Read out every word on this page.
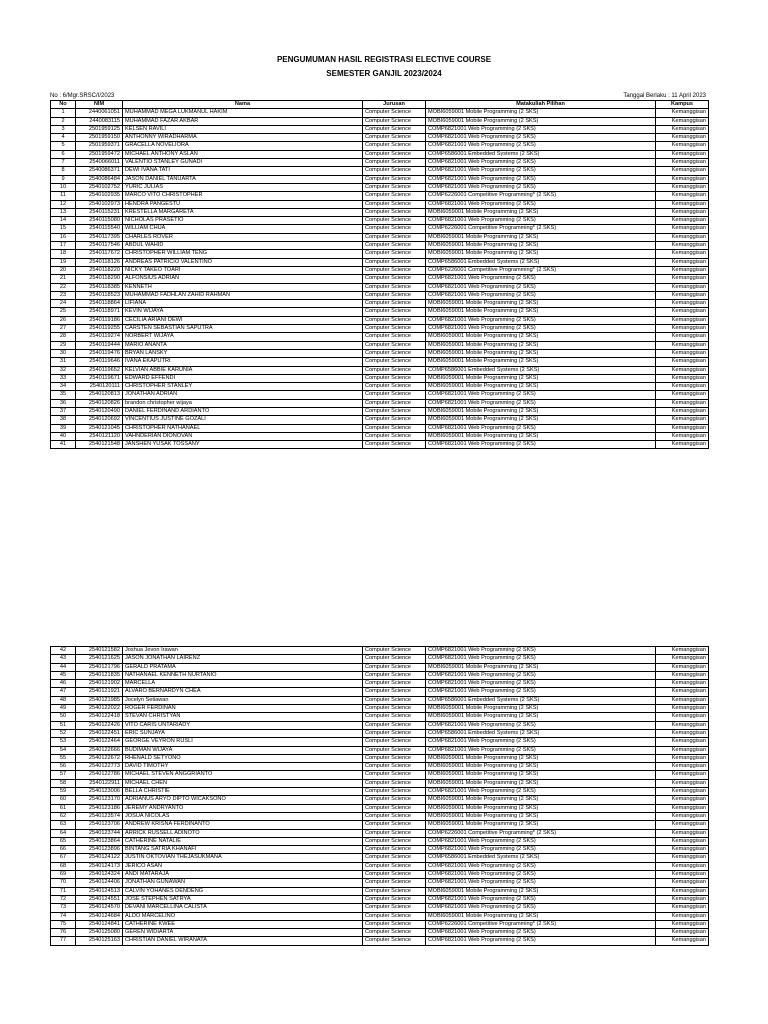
PENGUMUMAN HASIL REGISTRASI ELECTIVE COURSE
SEMESTER GANJIL 2023/2024
No : 6/Mgr.SRSC/I/2023	Tanggal Berlaku : 11 April 2023
No	NIM	Nama	Jurusan	Matakuliah Pilihan	Kampus
1	2440061051	MUHAMMAD MEGA LUKMANUL HAKIM	Computer Science	MOBI6059001 Mobile Programming (2 SKS)	Kemanggisan
2	2440083115	MUHAMMAD FAZAR AKBAR	Computer Science	MOBI6059001 Mobile Programming (2 SKS)	Kemanggisan
3	2501959125	KELSEN RAVILI	Computer Science	COMP6821001 Web Programming (2 SKS)	Kemanggisan
4	2501959150	ANTHONNY WIRADHARMA	Computer Science	COMP6821001 Web Programming (2 SKS)	Kemanggisan
5	2501959371	GRACELLA NOVELIORA	Computer Science	COMP6821001 Web Programming (2 SKS)	Kemanggisan
6	2501959472	MICHAEL ANTHONY ASLAN	Computer Science	COMP6586001 Embedded Systems (2 SKS)	Kemanggisan
7	2540066011	VALENTIO STANLEY GUNADI	Computer Science	COMP6821001 Web Programming (2 SKS)	Kemanggisan
8	2540086371	DEWI IVANA TATI	Computer Science	COMP6821001 Web Programming (2 SKS)	Kemanggisan
9	2540086484	JASON DANIEL TANUARTA	Computer Science	COMP6821001 Web Programming (2 SKS)	Kemanggisan
10	2540102752	YURIC JULIAS	Computer Science	COMP6821001 Web Programming (2 SKS)	Kemanggisan
11	2540102935	MARCO VITO CHRISTOPHER	Computer Science	COMP6226001 Competitive Programming* (2 SKS)	Kemanggisan
12	2540102973	HENDRA PANGESTU	Computer Science	COMP6821001 Web Programming (2 SKS)	Kemanggisan
13	2540115231	KRESTELLA MARGARETA	Computer Science	MOBI6059001 Mobile Programming (2 SKS)	Kemanggisan
14	2540115080	NICHOLAS PRASETIO	Computer Science	COMP6821001 Web Programming (2 SKS)	Kemanggisan
15	2540115540	WILLIAM CHUA	Computer Science	COMP6226001 Competitive Programming* (2 SKS)	Kemanggisan
16	2540117395	CHARLES ROVER	Computer Science	MOBI6059001 Mobile Programming (2 SKS)	Kemanggisan
17	2540117546	ABDUL WAHID	Computer Science	MOBI6059001 Mobile Programming (2 SKS)	Kemanggisan
18	2540117672	CHRISTOPHER WILLIAM TENG	Computer Science	MOBI6059001 Mobile Programming (2 SKS)	Kemanggisan
19	2540118126	ANDREAS PATRICIO VALENTINO	Computer Science	COMP6586001 Embedded Systems (2 SKS)	Kemanggisan
20	2540118220	NICKY TAKEO TOARI	Computer Science	COMP6226001 Competitive Programming* (2 SKS)	Kemanggisan
21	2540118290	ALFONSIUS ADRIAN	Computer Science	COMP6821001 Web Programming (2 SKS)	Kemanggisan
22	2540118385	KENNETH	Computer Science	COMP6821001 Web Programming (2 SKS)	Kemanggisan
23	2540118523	MUHAMMAD FADHLAN ZAHID RAHMAN	Computer Science	COMP6821001 Web Programming (2 SKS)	Kemanggisan
24	2540118864	LIFIANA	Computer Science	MOBI6059001 Mobile Programming (2 SKS)	Kemanggisan
25	2540118971	KEVIN WIJAYA	Computer Science	MOBI6059001 Mobile Programming (2 SKS)	Kemanggisan
26	2540119186	CECILIA ARIANI DEWI	Computer Science	COMP6821001 Web Programming (2 SKS)	Kemanggisan
27	2540119255	CARSTEN SEBASTIAN SAPUTRA	Computer Science	COMP6821001 Web Programming (2 SKS)	Kemanggisan
28	2540119274	NORBERT WIJAYA	Computer Science	MOBI6059001 Mobile Programming (2 SKS)	Kemanggisan
29	2540119444	MARIO ANANTA	Computer Science	MOBI6059001 Mobile Programming (2 SKS)	Kemanggisan
30	2540119476	BRYAN LANSKY	Computer Science	MOBI6059001 Mobile Programming (2 SKS)	Kemanggisan
31	2540119646	IVANA EKAPUTRI	Computer Science	MOBI6059001 Mobile Programming (2 SKS)	Kemanggisan
32	2540119652	KELVIAN ABBIE KARUNIA	Computer Science	COMP6586001 Embedded Systems (2 SKS)	Kemanggisan
33	2540119671	EDWARD EFFENDI	Computer Science	MOBI6059001 Mobile Programming (2 SKS)	Kemanggisan
34	2540120111	CHRISTOPHER STANLEY	Computer Science	MOBI6059001 Mobile Programming (2 SKS)	Kemanggisan
35	2540120813	JONATHAN ADRIAN	Computer Science	COMP6821001 Web Programming (2 SKS)	Kemanggisan
36	2540120826	brandon christopher wijaya	Computer Science	COMP6821001 Web Programming (2 SKS)	Kemanggisan
37	2540120490	DANIEL FERDINAND ARDIANTO	Computer Science	MOBI6059001 Mobile Programming (2 SKS)	Kemanggisan
38	2540120692	VINCENTIUS JUSTINE GOZALI	Computer Science	MOBI6059001 Mobile Programming (2 SKS)	Kemanggisan
39	2540121045	CHRISTOPHER NATHANAEL	Computer Science	COMP6821001 Web Programming (2 SKS)	Kemanggisan
40	2540121120	VAHNDERIAN DIONOVAN	Computer Science	MOBI6059001 Mobile Programming (2 SKS)	Kemanggisan
41	2540121548	JANSHEN YUSAK TOSSANY	Computer Science	COMP6821001 Web Programming (2 SKS)	Kemanggisan
42	2540121582	Joshua Jevon Irawan	Computer Science	COMP6821001 Web Programming (2 SKS)	Kemanggisan
43	2540121625	JASON JONATHAN LAIRENZ	Computer Science	COMP6821001 Web Programming (2 SKS)	Kemanggisan
44	2540121796	GERALD PRATAMA	Computer Science	MOBI6059001 Mobile Programming (2 SKS)	Kemanggisan
45	2540121835	NATHANAEL KENNETH NURTANIO	Computer Science	COMP6821001 Web Programming (2 SKS)	Kemanggisan
46	2540121902	MARCELLA	Computer Science	COMP6821001 Web Programming (2 SKS)	Kemanggisan
47	2540121921	ALVARO BERNARDYN CHEA	Computer Science	COMP6821001 Web Programming (2 SKS)	Kemanggisan
48	2540121985	Jocelyn Setiawan	Computer Science	COMP6586001 Embedded Systems (2 SKS)	Kemanggisan
49	2540122022	ROGER FERDINAN	Computer Science	MOBI6059001 Mobile Programming (2 SKS)	Kemanggisan
50	2540122418	STEVAN CHRISTYAN	Computer Science	MOBI6059001 Mobile Programming (2 SKS)	Kemanggisan
51	2540122426	VITO CARIS UNTARIADY	Computer Science	COMP6821001 Web Programming (2 SKS)	Kemanggisan
52	2540122451	ERIC SUNJAYA	Computer Science	COMP6586001 Embedded Systems (2 SKS)	Kemanggisan
53	2540122464	GEORGE VEYRON RUSLI	Computer Science	COMP6821001 Web Programming (2 SKS)	Kemanggisan
54	2540122666	BUDIMAN WIJAYA	Computer Science	COMP6821001 Web Programming (2 SKS)	Kemanggisan
55	2540122672	RHENALD SETYONO	Computer Science	MOBI6059001 Mobile Programming (2 SKS)	Kemanggisan
56	2540122773	DAVID TIMOTHY	Computer Science	MOBI6059001 Mobile Programming (2 SKS)	Kemanggisan
57	2540122786	MICHAEL STEVEN ANGGRIANTO	Computer Science	MOBI6059001 Mobile Programming (2 SKS)	Kemanggisan
58	2540122911	MICHAEL CHEN	Computer Science	MOBI6059001 Mobile Programming (2 SKS)	Kemanggisan
59	2540123006	BELLA CHRISTIE	Computer Science	COMP6821001 Web Programming (2 SKS)	Kemanggisan
60	2540123170	ADRIANUS ARYO DIPTO WICAKSONO	Computer Science	MOBI6059001 Mobile Programming (2 SKS)	Kemanggisan
61	2540123186	JEREMY ANDRYANTO	Computer Science	MOBI6059001 Mobile Programming (2 SKS)	Kemanggisan
62	2540123574	JOSUA NICOLAS	Computer Science	MOBI6059001 Mobile Programming (2 SKS)	Kemanggisan
63	2540123706	ANDREW KRISNA FERDINANTO	Computer Science	MOBI6059001 Mobile Programming (2 SKS)	Kemanggisan
64	2540123744	ARRICK RUSSELL ADINOTO	Computer Science	COMP6226001 Competitive Programming* (2 SKS)	Kemanggisan
65	2540123864	CATHERINE NATALIE	Computer Science	COMP6821001 Web Programming (2 SKS)	Kemanggisan
66	2540123896	BINTANG SATRIA KHANAFI	Computer Science	COMP6821001 Web Programming (2 SKS)	Kemanggisan
67	2540124122	JUSTIN OKTOVIAN THEJASUKMANA	Computer Science	COMP6586001 Embedded Systems (2 SKS)	Kemanggisan
68	2540124173	JERICO ASAN	Computer Science	COMP6821001 Web Programming (2 SKS)	Kemanggisan
69	2540124324	ANDI MATARAJA	Computer Science	COMP6821001 Web Programming (2 SKS)	Kemanggisan
70	2540124406	JONATHAN GUNAWAN	Computer Science	COMP6821001 Web Programming (2 SKS)	Kemanggisan
71	2540124513	CALVIN YOHANES DENDENG	Computer Science	MOBI6059001 Mobile Programming (2 SKS)	Kemanggisan
72	2540124551	JOSE STEPHEN SATRYA	Computer Science	COMP6821001 Web Programming (2 SKS)	Kemanggisan
73	2540124570	DEVANI MARCELLINA CALISTA	Computer Science	COMP6821001 Web Programming (2 SKS)	Kemanggisan
74	2540124684	ALDO MARCELINO	Computer Science	MOBI6059001 Mobile Programming (2 SKS)	Kemanggisan
75	2540124841	CATHERINE KWEE	Computer Science	COMP6226001 Competitive Programming* (2 SKS)	Kemanggisan
76	2540125080	GEREN WIDIARTA	Computer Science	COMP6821001 Web Programming (2 SKS)	Kemanggisan
77	2540125163	CHRISTIAN DANIEL WIRANATA	Computer Science	COMP6821001 Web Programming (2 SKS)	Kemanggisan
